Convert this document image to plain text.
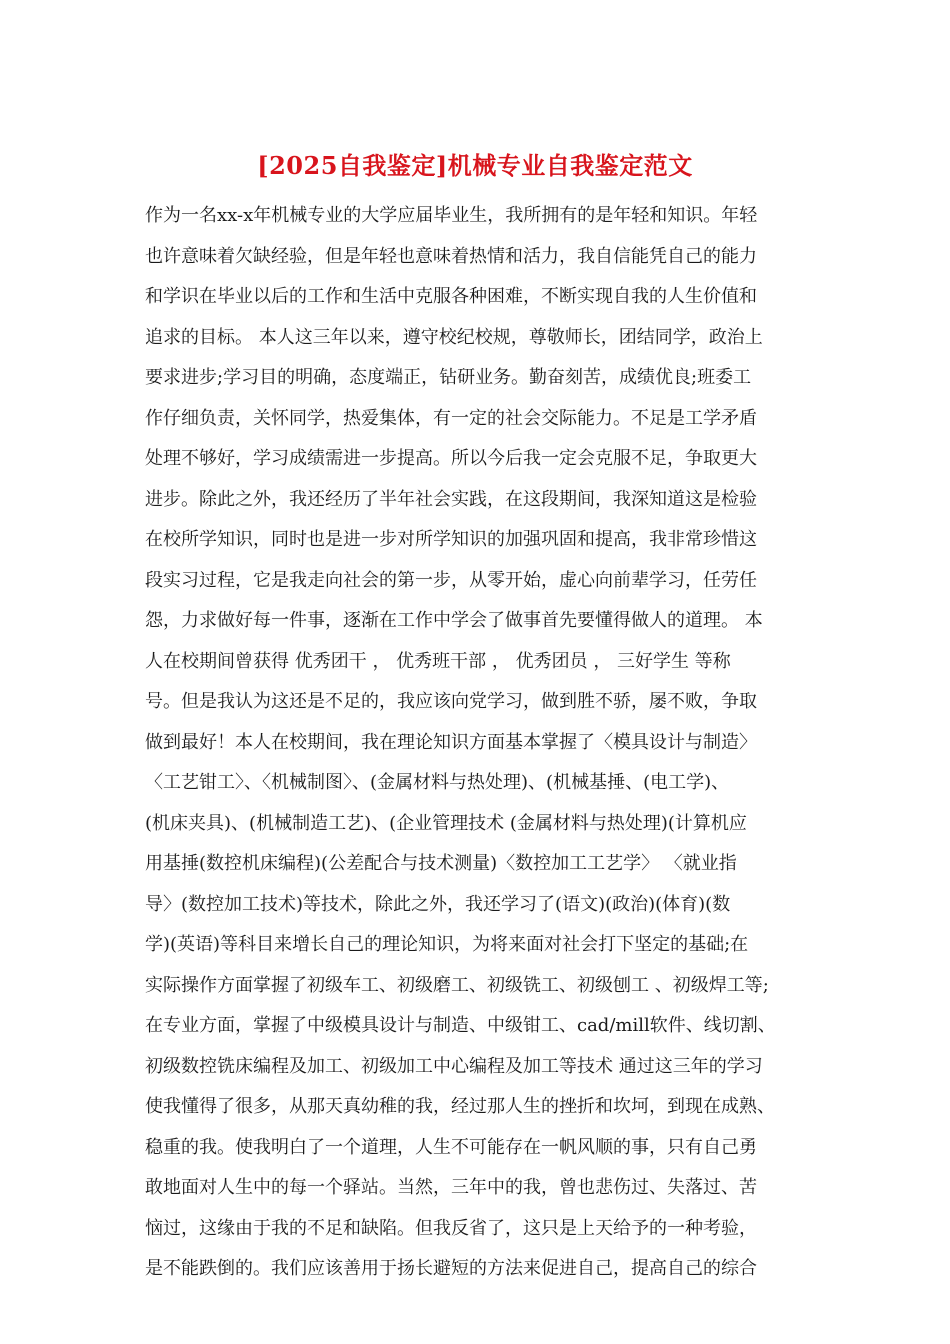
[2025自我鉴定]机械专业自我鉴定范文
作为一名xx-x年机械专业的大学应届毕业生，我所拥有的是年轻和知识。年轻
也许意味着欠缺经验，但是年轻也意味着热情和活力，我自信能凭自己的能力
和学识在毕业以后的工作和生活中克服各种困难，不断实现自我的人生价值和
追求的目标。 本人这三年以来，遵守校纪校规，尊敬师长，团结同学，政治上
要求进步;学习目的明确，态度端正，钻研业务。勤奋刻苦，成绩优良;班委工
作仔细负责，关怀同学，热爱集体，有一定的社会交际能力。不足是工学矛盾
处理不够好，学习成绩需进一步提高。所以今后我一定会克服不足，争取更大
进步。除此之外，我还经历了半年社会实践，在这段期间，我深知道这是检验
在校所学知识，同时也是进一步对所学知识的加强巩固和提高，我非常珍惜这
段实习过程，它是我走向社会的第一步，从零开始，虚心向前辈学习，任劳任
怨，力求做好每一件事，逐渐在工作中学会了做事首先要懂得做人的道理。 本
人在校期间曾获得 优秀团干 ， 优秀班干部 ， 优秀团员 ， 三好学生 等称
号。但是我认为这还是不足的，我应该向党学习，做到胜不骄，屡不败，争取
做到最好！本人在校期间，我在理论知识方面基本掌握了〈模具设计与制造〉
〈工艺钳工〉、〈机械制图〉、(金属材料与热处理)、(机械基捶、(电工学)、
(机床夹具)、(机械制造工艺)、(企业管理技术 (金属材料与热处理)(计算机应
用基捶(数控机床编程)(公差配合与技术测量)〈数控加工工艺学〉 〈就业指
导〉(数控加工技术)等技术，除此之外，我还学习了(语文)(政治)(体育)(数
学)(英语)等科目来增长自己的理论知识，为将来面对社会打下坚定的基础;在
实际操作方面掌握了初级车工、初级磨工、初级铣工、初级刨工 、初级焊工等;
在专业方面，掌握了中级模具设计与制造、中级钳工、cad/mill软件、线切割、
初级数控铣床编程及加工、初级加工中心编程及加工等技术 通过这三年的学习
使我懂得了很多，从那天真幼稚的我，经过那人生的挫折和坎坷，到现在成熟、
稳重的我。使我明白了一个道理，人生不可能存在一帆风顺的事，只有自己勇
敢地面对人生中的每一个驿站。当然，三年中的我，曾也悲伤过、失落过、苦
恼过，这缘由于我的不足和缺陷。但我反省了，这只是上天给予的一种考验，
是不能跌倒的。我们应该善用于扬长避短的方法来促进自己，提高自己的综合
